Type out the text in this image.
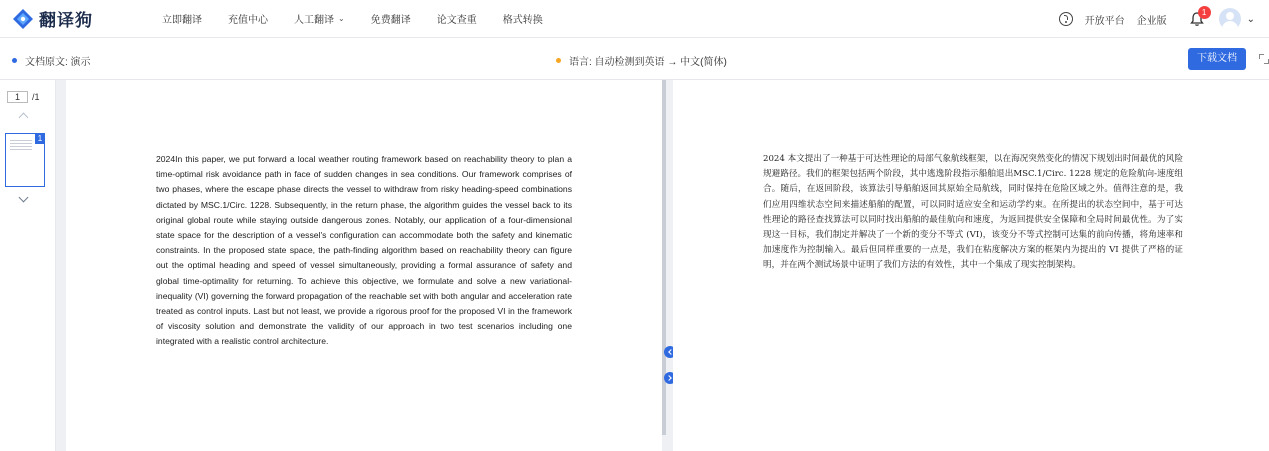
翻译狗	立即翻译	充值中心	人工翻译 ⌄	免费翻译	论文查重	格式转换	开放平台 企业版
1
⌄
文档原文: 演示	语言: 自动检测到英语 → 中文(简体)	下载文档
1	/1
1

2024In this paper, we put forward a local weather routing framework based on reachability theory to plan a time-optimal risk avoidance path in face of sudden changes in sea conditions. Our framework comprises of two phases, where the escape phase directs the vessel to withdraw from risky heading-speed combinations dictated by MSC.1/Circ. 1228. Subsequently, in the return phase, the algorithm guides the vessel back to its original global route while staying outside dangerous zones. Notably, our application of a four-dimensional state space for the description of a vessel's configuration can accommodate both the safety and kinematic constraints. In the proposed state space, the path-finding algorithm based on reachability theory can figure out the optimal heading and speed of vessel simultaneously, providing a formal assurance of safety and global time-optimality for returning. To achieve this objective, we formulate and solve a new variational-inequality (VI) governing the forward propagation of the reachable set with both angular and acceleration rate treated as control inputs. Last but not least, we provide a rigorous proof for the proposed VI in the framework of viscosity solution and demonstrate the validity of our approach in two test scenarios including one integrated with a realistic control architecture.

2024 本文提出了一种基于可达性理论的局部气象航线框架，以在海况突然变化的情况下规划出时间最优的风险规避路径。我们的框架包括两个阶段，其中逃逸阶段指示船舶退出MSC.1/Circ. 1228 规定的危险航向-速度组合。随后，在返回阶段，该算法引导船舶返回其原始全局航线，同时保持在危险区域之外。值得注意的是，我们应用四维状态空间来描述船舶的配置，可以同时适应安全和运动学约束。在所提出的状态空间中，基于可达性理论的路径查找算法可以同时找出船舶的最佳航向和速度，为返回提供安全保障和全局时间最优性。为了实现这一目标，我们制定并解决了一个新的变分不等式 (VI)，该变分不等式控制可达集的前向传播，将角速率和加速度作为控制输入。最后但同样重要的一点是，我们在粘度解决方案的框架内为提出的 VI 提供了严格的证明，并在两个测试场景中证明了我们方法的有效性，其中一个集成了现实控制架构。
